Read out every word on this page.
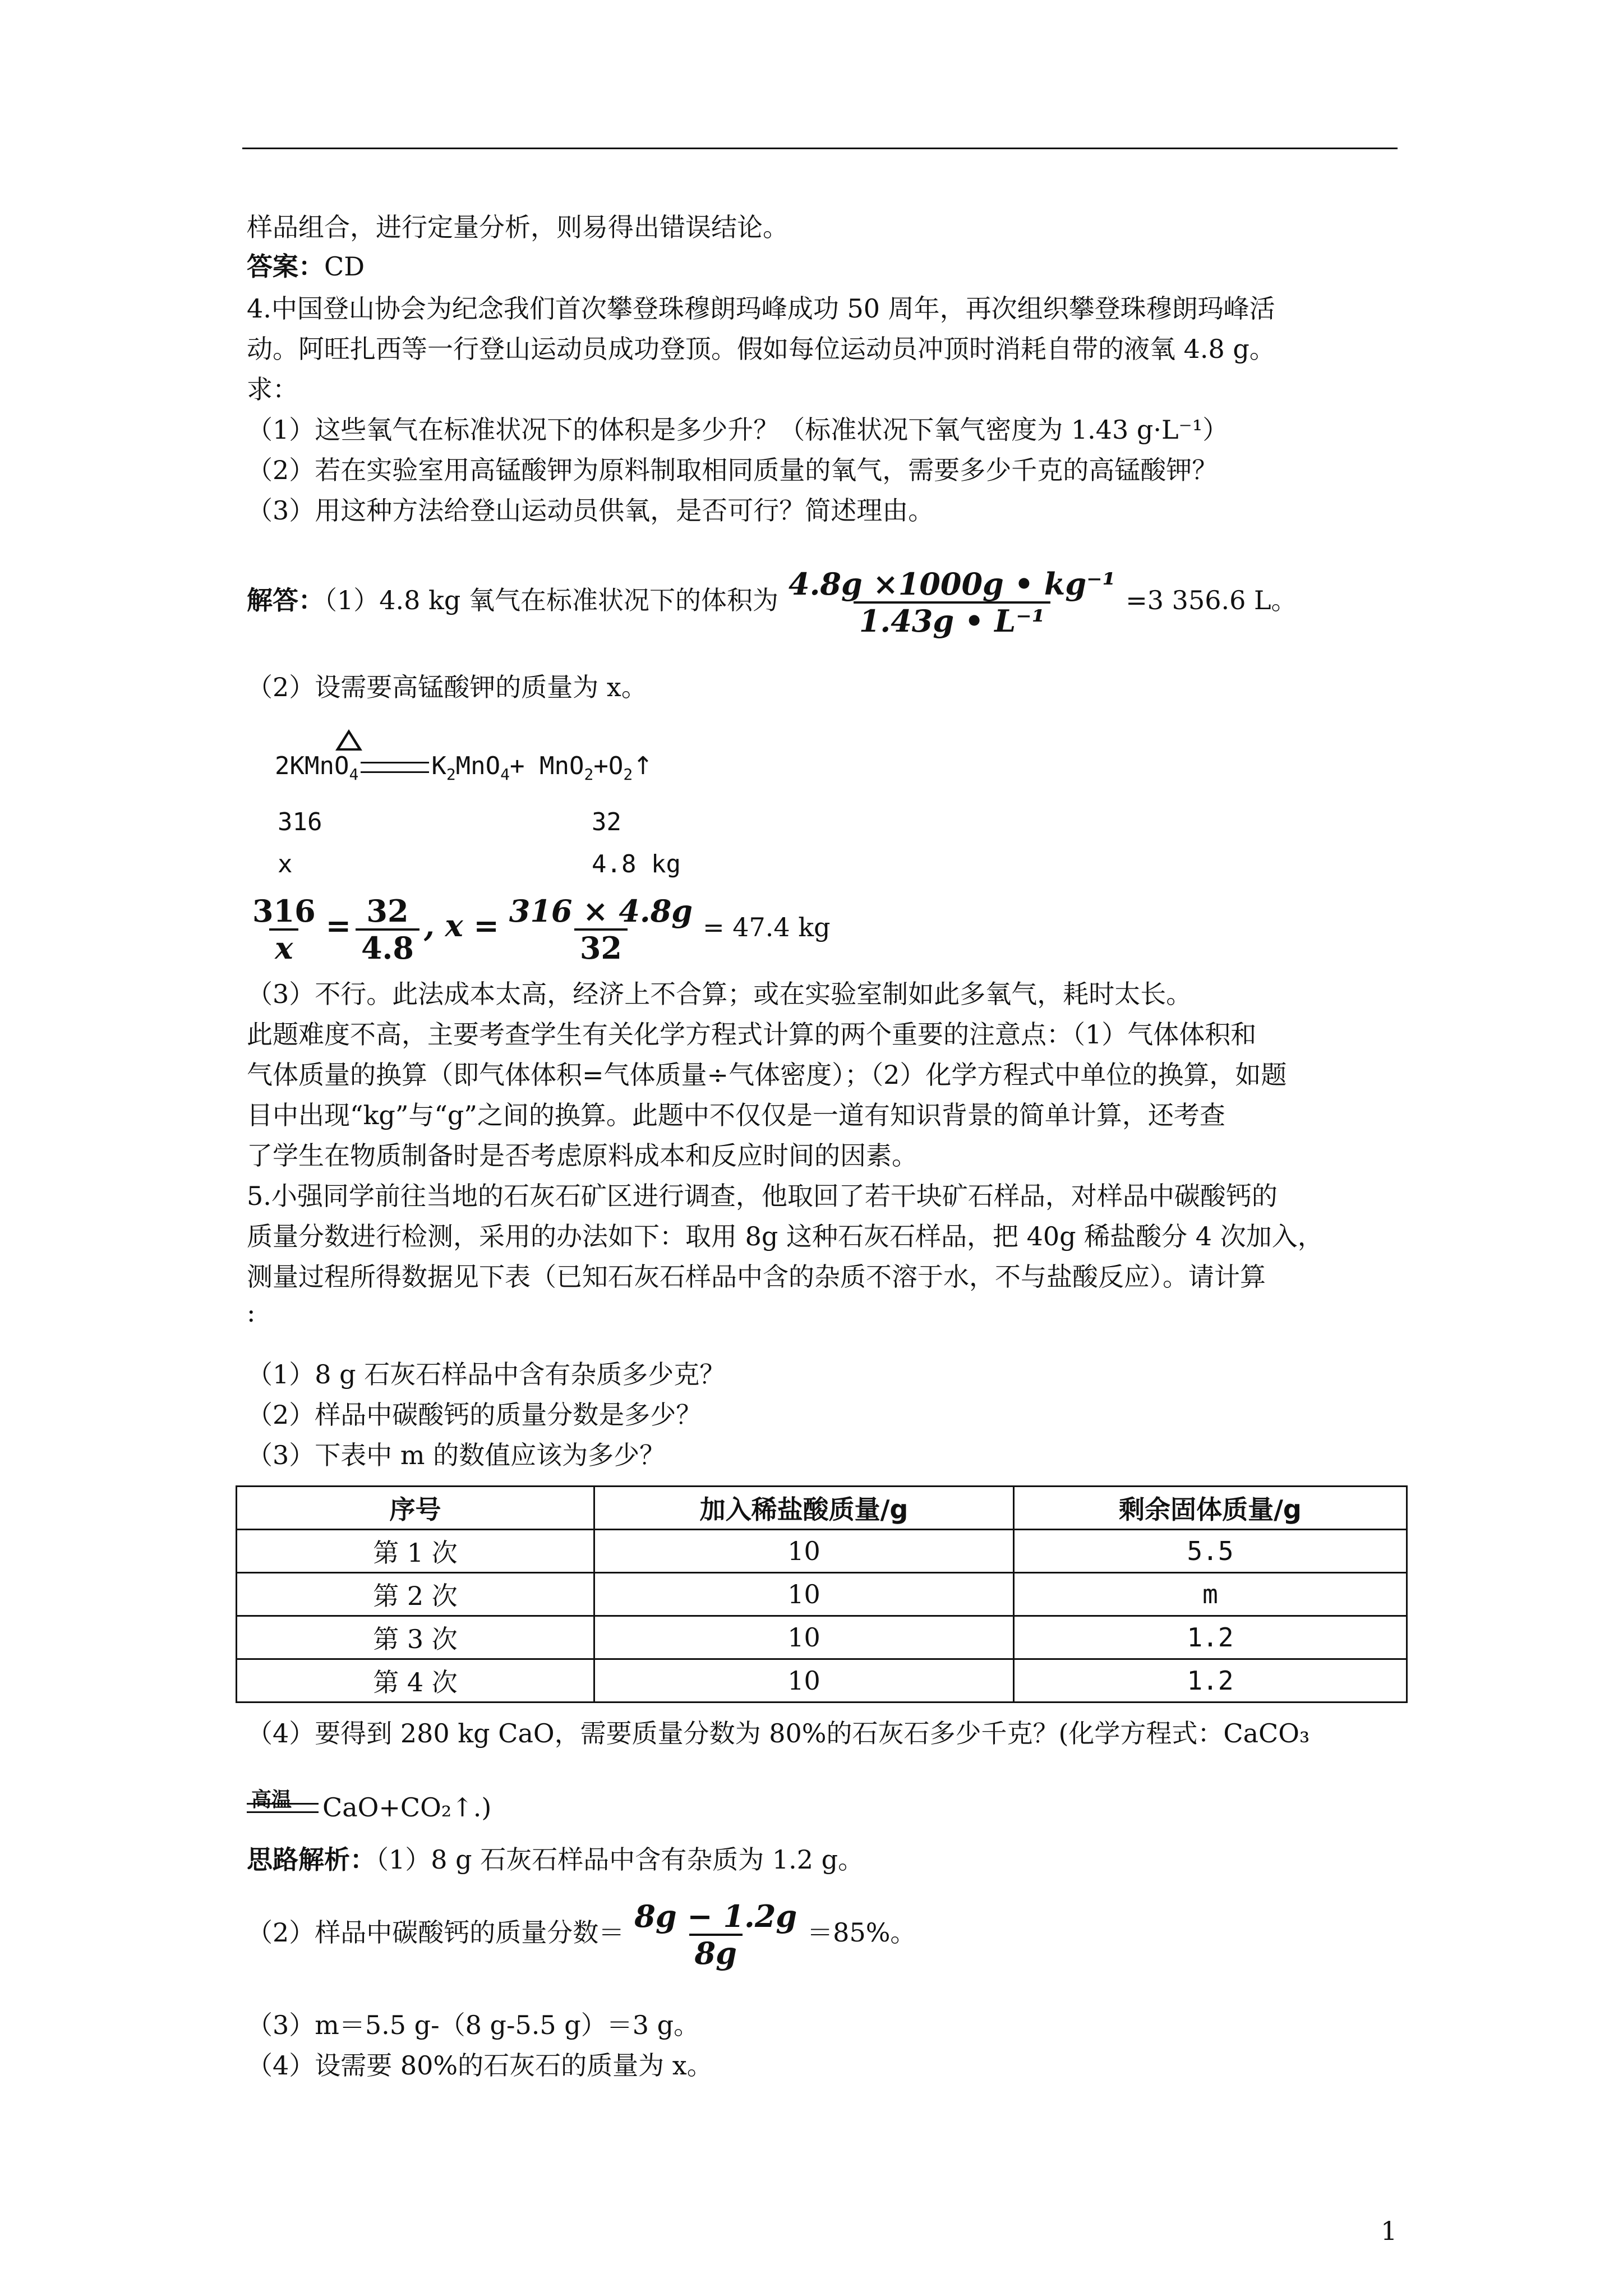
样品组合，进行定量分析，则易得出错误结论。
答案：CD
4.中国登山协会为纪念我们首次攀登珠穆朗玛峰成功 50 周年，再次组织攀登珠穆朗玛峰活
动。阿旺扎西等一行登山运动员成功登顶。假如每位运动员冲顶时消耗自带的液氧 4.8 g。
求：
（1）这些氧气在标准状况下的体积是多少升？（标准状况下氧气密度为 1.43 g·L⁻¹）
（2）若在实验室用高锰酸钾为原料制取相同质量的氧气，需要多少千克的高锰酸钾？
（3）用这种方法给登山运动员供氧，是否可行？简述理由。
解答：（1）4.8 kg 氧气在标准状况下的体积为 $\frac{\text{4.8g ×1000g • kg⁻¹}}{\text{1.43g • L⁻¹}} =3$ 356.6 L。
（2）设需要高锰酸钾的质量为 x。
2KMnO$_4$	$K_2MnO_4+$ $MnO_2+O_2↑$
316	32
x	4.8 kg
$\frac{316}{x} = \frac{32}{4.8}$ , $x = \frac{316 \times 4.8g}{32} = 47.4$ kg
（3）不行。此法成本太高，经济上不合算；或在实验室制如此多氧气，耗时太长。
此题难度不高，主要考查学生有关化学方程式计算的两个重要的注意点：（1）气体体积和
气体质量的换算（即气体体积=气体质量÷气体密度）；（2）化学方程式中单位的换算，如题
目中出现“kg”与“g”之间的换算。此题中不仅仅是一道有知识背景的简单计算，还考查
了学生在物质制备时是否考虑原料成本和反应时间的因素。
5.小强同学前往当地的石灰石矿区进行调查，他取回了若干块矿石样品，对样品中碳酸钙的
质量分数进行检测，采用的办法如下：取用 8g 这种石灰石样品，把 40g 稀盐酸分 4 次加入，
测量过程所得数据见下表（已知石灰石样品中含的杂质不溶于水，不与盐酸反应）。请计算
:
（1）8 g 石灰石样品中含有杂质多少克？
（2）样品中碳酸钙的质量分数是多少？
（3）下表中 m 的数值应该为多少？
序号	加入稀盐酸质量/g	剩余固体质量/g
第 1 次	10	5.5
第 2 次	10	m
第 3 次	10	1.2
第 4 次	10	1.2
（4）要得到 280 kg CaO，需要质量分数为 80%的石灰石多少千克？(化学方程式：CaCO₃
高温 CaO+CO₂↑.)
思路解析：（1）8 g 石灰石样品中含有杂质为 1.2 g。
（2）样品中碳酸钙的质量分数＝ $\frac{8g - 1.2g}{8g} =85\%$。
（3）m＝5.5 g-（8 g-5.5 g）＝3 g。
（4）设需要 80%的石灰石的质量为 x。
1
